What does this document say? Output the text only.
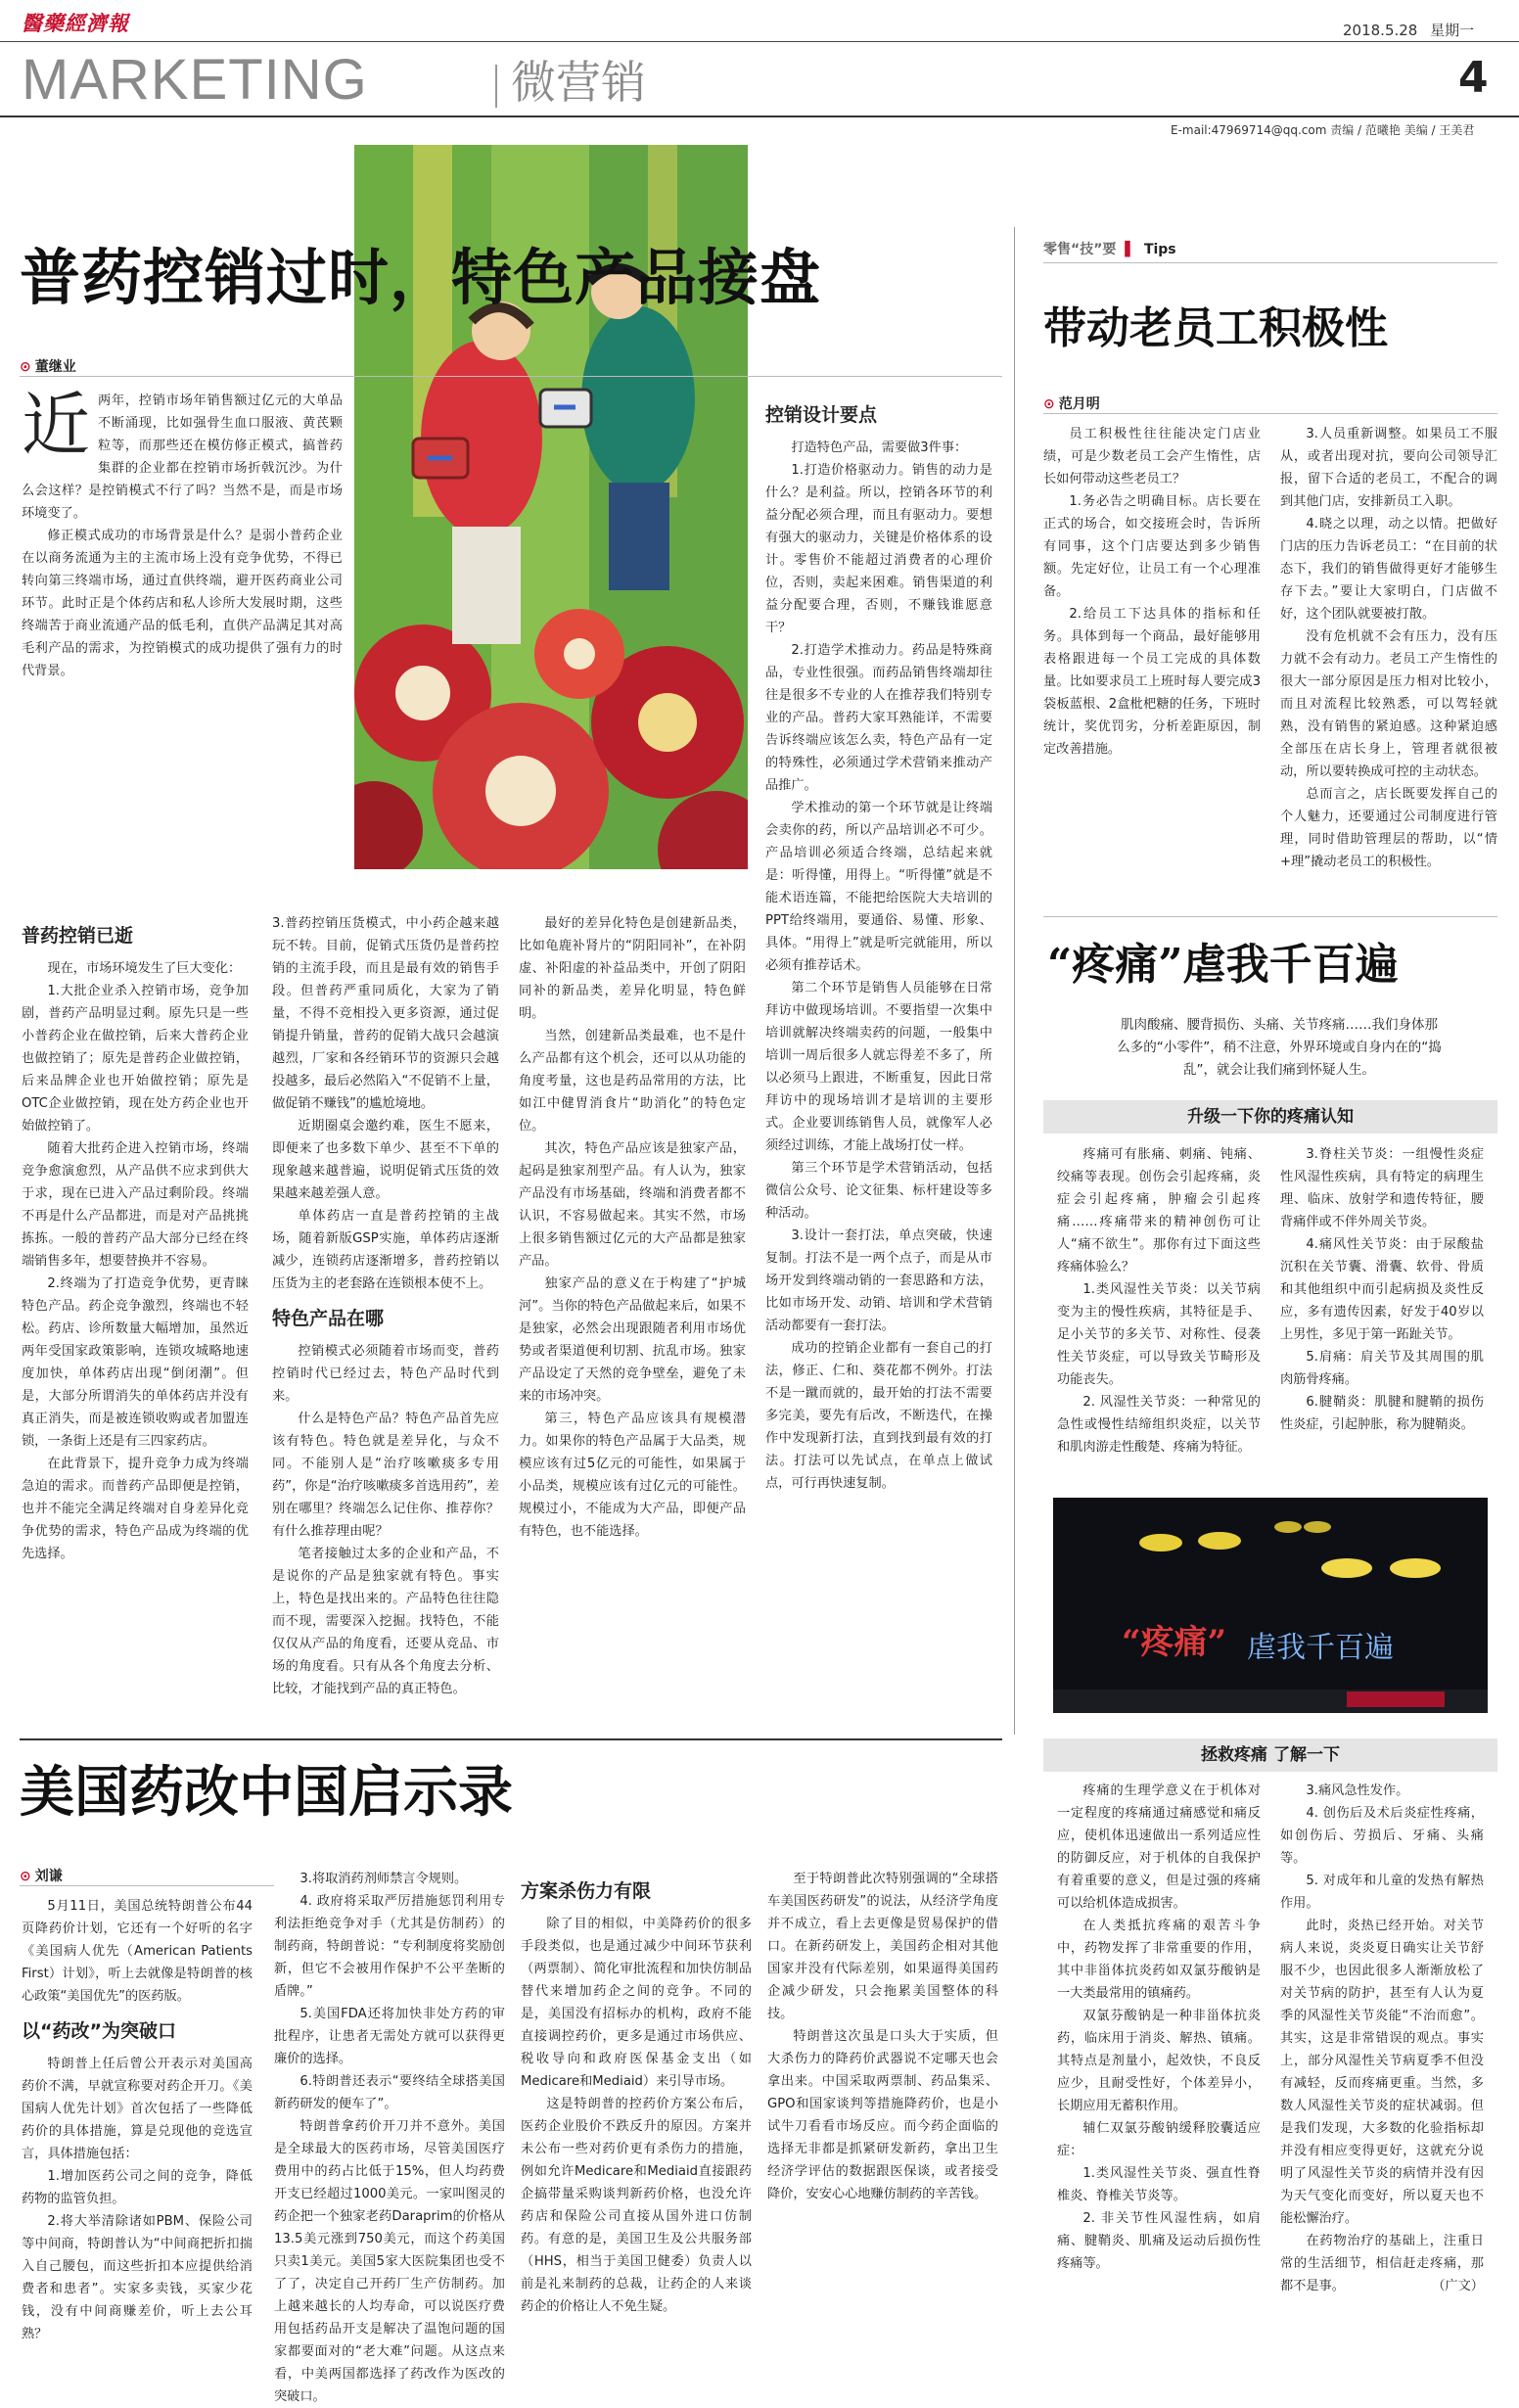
醫藥經濟報	2018.5.28 星期一
MARKETING	微营销	4
E-mail:47969714@qq.com 责编 / 范曦艳 美编 / 王美君
普药控销过时，特色产品接盘
⊙ 董继业

近 两年，控销市场年销售额过亿元的大单品不断涌现，比如强骨生血口服液、黄芪颗粒等，而那些还在模仿修正模式，搞普药集群的企业都在控销市场折戟沉沙。为什么会这样？是控销模式不行了吗？当然不是，而是市场环境变了。

修正模式成功的市场背景是什么？是弱小普药企业在以商务流通为主的主流市场上没有竞争优势，不得已转向第三终端市场，通过直供终端，避开医药商业公司环节。此时正是个体药店和私人诊所大发展时期，这些终端苦于商业流通产品的低毛利，直供产品满足其对高毛利产品的需求，为控销模式的成功提供了强有力的时代背景。

普药控销已逝

现在，市场环境发生了巨大变化：

1.大批企业杀入控销市场，竞争加剧，普药产品明显过剩。原先只是一些小普药企业在做控销，后来大普药企业也做控销了；原先是普药企业做控销，后来品牌企业也开始做控销；原先是OTC企业做控销，现在处方药企业也开始做控销了。

随着大批药企进入控销市场，终端竞争愈演愈烈，从产品供不应求到供大于求，现在已进入产品过剩阶段。终端不再是什么产品都进，而是对产品挑挑拣拣。一般的普药产品大部分已经在终端销售多年，想要替换并不容易。

2.终端为了打造竞争优势，更青睐特色产品。药企竞争激烈，终端也不轻松。药店、诊所数量大幅增加，虽然近两年受国家政策影响，连锁攻城略地速度加快，单体药店出现“倒闭潮”。但是，大部分所谓消失的单体药店并没有真正消失，而是被连锁收购或者加盟连锁，一条街上还是有三四家药店。

在此背景下，提升竞争力成为终端急迫的需求。而普药产品即便是控销，也并不能完全满足终端对自身差异化竞争优势的需求，特色产品成为终端的优先选择。

3.普药控销压货模式，中小药企越来越玩不转。目前，促销式压货仍是普药控销的主流手段，而且是最有效的销售手段。但普药严重同质化，大家为了销量，不得不竞相投入更多资源，通过促销提升销量，普药的促销大战只会越演越烈，厂家和各经销环节的资源只会越投越多，最后必然陷入“不促销不上量，做促销不赚钱”的尴尬境地。

近期圈桌会邀约难，医生不愿来，即便来了也多数下单少、甚至不下单的现象越来越普遍，说明促销式压货的效果越来越差强人意。

单体药店一直是普药控销的主战场，随着新版GSP实施，单体药店逐渐减少，连锁药店逐渐增多，普药控销以压货为主的老套路在连锁根本使不上。

特色产品在哪

控销模式必须随着市场而变，普药控销时代已经过去，特色产品时代到来。

什么是特色产品？特色产品首先应该有特色。特色就是差异化，与众不同。不能别人是“治疗咳嗽痰多专用药”，你是“治疗咳嗽痰多首选用药”，差别在哪里？终端怎么记住你、推荐你？有什么推荐理由呢？

笔者接触过太多的企业和产品，不是说你的产品是独家就有特色。事实上，特色是找出来的。产品特色往往隐而不现，需要深入挖掘。找特色，不能仅仅从产品的角度看，还要从竞品、市场的角度看。只有从各个角度去分析、比较，才能找到产品的真正特色。

最好的差异化特色是创建新品类，比如龟鹿补肾片的“阴阳同补”，在补阴虚、补阳虚的补益品类中，开创了阴阳同补的新品类，差异化明显，特色鲜明。

当然，创建新品类最难，也不是什么产品都有这个机会，还可以从功能的角度考量，这也是药品常用的方法，比如江中健胃消食片“助消化”的特色定位。

其次，特色产品应该是独家产品，起码是独家剂型产品。有人认为，独家产品没有市场基础，终端和消费者都不认识，不容易做起来。其实不然，市场上很多销售额过亿元的大产品都是独家产品。

独家产品的意义在于构建了“护城河”。当你的特色产品做起来后，如果不是独家，必然会出现跟随者利用市场优势或者渠道便利切割、抗乱市场。独家产品设定了天然的竞争壁垒，避免了未来的市场冲突。

第三，特色产品应该具有规模潜力。如果你的特色产品属于大品类，规模应该有过5亿元的可能性，如果属于小品类，规模应该有过亿元的可能性。规模过小，不能成为大产品，即便产品有特色，也不能选择。

控销设计要点

打造特色产品，需要做3件事：

1.打造价格驱动力。销售的动力是什么？是利益。所以，控销各环节的利益分配必须合理，而且有驱动力。要想有强大的驱动力，关键是价格体系的设计。零售价不能超过消费者的心理价位，否则，卖起来困难。销售渠道的利益分配要合理，否则，不赚钱谁愿意干？

2.打造学术推动力。药品是特殊商品，专业性很强。而药品销售终端却往往是很多不专业的人在推荐我们特别专业的产品。普药大家耳熟能详，不需要告诉终端应该怎么卖，特色产品有一定的特殊性，必须通过学术营销来推动产品推广。

学术推动的第一个环节就是让终端会卖你的药，所以产品培训必不可少。产品培训必须适合终端，总结起来就是：听得懂，用得上。“听得懂”就是不能术语连篇，不能把给医院大夫培训的PPT给终端用，要通俗、易懂、形象、具体。“用得上”就是听完就能用，所以必须有推荐话术。

第二个环节是销售人员能够在日常拜访中做现场培训。不要指望一次集中培训就解决终端卖药的问题，一般集中培训一周后很多人就忘得差不多了，所以必须马上跟进，不断重复，因此日常拜访中的现场培训才是培训的主要形式。企业要训练销售人员，就像军人必须经过训练，才能上战场打仗一样。

第三个环节是学术营销活动，包括微信公众号、论文征集、标杆建设等多种活动。

3.设计一套打法，单点突破，快速复制。打法不是一两个点子，而是从市场开发到终端动销的一套思路和方法，比如市场开发、动销、培训和学术营销活动都要有一套打法。

成功的控销企业都有一套自己的打法，修正、仁和、葵花都不例外。打法不是一蹴而就的，最开始的打法不需要多完美，要先有后改，不断迭代，在操作中发现新打法，直到找到最有效的打法。打法可以先试点，在单点上做试点，可行再快速复制。

零售“技”要 ▌ Tips
带动老员工积极性
⊙ 范月明

员工积极性往往能决定门店业绩，可是少数老员工会产生惰性，店长如何带动这些老员工？

1.务必告之明确目标。店长要在正式的场合，如交接班会时，告诉所有同事，这个门店要达到多少销售额。先定好位，让员工有一个心理准备。

2.给员工下达具体的指标和任务。具体到每一个商品，最好能够用表格跟进每一个员工完成的具体数量。比如要求员工上班时每人要完成3袋板蓝根、2盒枇杷糖的任务，下班时统计，奖优罚劣，分析差距原因，制定改善措施。

3.人员重新调整。如果员工不服从，或者出现对抗，要向公司领导汇报，留下合适的老员工，不配合的调到其他门店，安排新员工入职。

4.晓之以理，动之以情。把做好门店的压力告诉老员工：“在目前的状态下，我们的销售做得更好才能够生存下去。”要让大家明白，门店做不好，这个团队就要被打散。

没有危机就不会有压力，没有压力就不会有动力。老员工产生惰性的很大一部分原因是压力相对比较小，而且对流程比较熟悉，可以驾轻就熟，没有销售的紧迫感。这种紧迫感全部压在店长身上，管理者就很被动，所以要转换成可控的主动状态。

总而言之，店长既要发挥自己的个人魅力，还要通过公司制度进行管理，同时借助管理层的帮助，以“情+理”撬动老员工的积极性。

“疼痛”虐我千百遍
肌肉酸痛、腰背损伤、头痛、关节疼痛……我们身体那么多的“小零件”，稍不注意，外界环境或自身内在的“捣乱”，就会让我们痛到怀疑人生。
升级一下你的疼痛认知

疼痛可有胀痛、刺痛、钝痛、绞痛等表现。创伤会引起疼痛，炎症会引起疼痛，肿瘤会引起疼痛……疼痛带来的精神创伤可让人“痛不欲生”。那你有过下面这些疼痛体验么？

1.类风湿性关节炎：以关节病变为主的慢性疾病，其特征是手、足小关节的多关节、对称性、侵袭性关节炎症，可以导致关节畸形及功能丧失。

2. 风湿性关节炎：一种常见的急性或慢性结缔组织炎症，以关节和肌肉游走性酸楚、疼痛为特征。

3.脊柱关节炎：一组慢性炎症性风湿性疾病，具有特定的病理生理、临床、放射学和遗传特征，腰背痛伴或不伴外周关节炎。

4.痛风性关节炎：由于尿酸盐沉积在关节囊、滑囊、软骨、骨质和其他组织中而引起病损及炎性反应，多有遗传因素，好发于40岁以上男性，多见于第一跖趾关节。

5.肩痛：肩关节及其周围的肌肉筋骨疼痛。

6.腱鞘炎：肌腱和腱鞘的损伤性炎症，引起肿胀，称为腱鞘炎。

“疼痛” 虐我千百遍
拯救疼痛 了解一下

疼痛的生理学意义在于机体对一定程度的疼痛通过痛感觉和痛反应，使机体迅速做出一系列适应性的防御反应，对于机体的自我保护有着重要的意义，但是过强的疼痛可以给机体造成损害。

在人类抵抗疼痛的艰苦斗争中，药物发挥了非常重要的作用，其中非甾体抗炎药如双氯芬酸钠是一大类最常用的镇痛药。

双氯芬酸钠是一种非甾体抗炎药，临床用于消炎、解热、镇痛。其特点是剂量小，起效快，不良反应少，且耐受性好，个体差异小，长期应用无蓄积作用。

辅仁双氯芬酸钠缓释胶囊适应症：

1.类风湿性关节炎、强直性脊椎炎、脊椎关节炎等。

2. 非关节性风湿性病，如肩痛、腱鞘炎、肌痛及运动后损伤性疼痛等。

3.痛风急性发作。

4. 创伤后及术后炎症性疼痛，如创伤后、劳损后、牙痛、头痛等。

5. 对成年和儿童的发热有解热作用。

此时，炎热已经开始。对关节病人来说，炎炎夏日确实让关节舒服不少，也因此很多人渐渐放松了对关节病的防护，甚至有人认为夏季的风湿性关节炎能“不治而愈”。其实，这是非常错误的观点。事实上，部分风湿性关节病夏季不但没有减轻，反而疼痛更重。当然，多数人风湿性关节炎的症状减弱。但是我们发现，大多数的化验指标却并没有相应变得更好，这就充分说明了风湿性关节炎的病情并没有因为天气变化而变好，所以夏天也不能松懈治疗。

在药物治疗的基础上，注重日常的生活细节，相信赶走疼痛，那都不是事。	（广文）

美国药改中国启示录
⊙ 刘谦

5月11日，美国总统特朗普公布44页降药价计划，它还有一个好听的名字《美国病人优先（American Patients First）计划》，听上去就像是特朗普的核心政策“美国优先”的医药版。

以“药改”为突破口

特朗普上任后曾公开表示对美国高药价不满，早就宣称要对药企开刀。《美国病人优先计划》首次包括了一些降低药价的具体措施，算是兑现他的竞选宣言，具体措施包括：

1.增加医药公司之间的竞争，降低药物的监管负担。

2.将大举清除诸如PBM、保险公司等中间商，特朗普认为“中间商把折扣揣入自己腰包，而这些折扣本应提供给消费者和患者”。实家多卖钱，买家少花钱，没有中间商赚差价，听上去公耳熟？

3.将取消药剂师禁言令规则。

4. 政府将采取严厉措施惩罚利用专利法拒绝竞争对手（尤其是仿制药）的制药商，特朗普说：“专利制度将奖励创新，但它不会被用作保护不公平垄断的盾牌。”

5.美国FDA还将加快非处方药的审批程序，让患者无需处方就可以获得更廉价的选择。

6.特朗普还表示“要终结全球搭美国新药研发的便车了”。

特朗普拿药价开刀并不意外。美国是全球最大的医药市场，尽管美国医疗费用中的药占比低于15%，但人均药费开支已经超过1000美元。一家叫图灵的药企把一个独家老药Daraprim的价格从13.5美元涨到750美元，而这个药美国只卖1美元。美国5家大医院集团也受不了了，决定自己开药厂生产仿制药。加上越来越长的人均寿命，可以说医疗费用包括药品开支是解决了温饱问题的国家都要面对的“老大难”问题。从这点来看，中美两国都选择了药改作为医改的突破口。

方案杀伤力有限

除了目的相似，中美降药价的很多手段类似，也是通过减少中间环节获利（两票制）、简化审批流程和加快仿制品替代来增加药企之间的竞争。不同的是，美国没有招标办的机构，政府不能直接调控药价，更多是通过市场供应、税收导向和政府医保基金支出（如Medicare和Mediaid）来引导市场。

这是特朗普的控药价方案公布后，医药企业股价不跌反升的原因。方案并未公布一些对药价更有杀伤力的措施，例如允许Medicare和Mediaid直接跟药企搞带量采购谈判新药价格，也没允许药店和保险公司直接从国外进口仿制药。有意的是，美国卫生及公共服务部（HHS，相当于美国卫健委）负责人以前是礼来制药的总裁，让药企的人来谈药企的价格让人不免生疑。

至于特朗普此次特别强调的“全球搭车美国医药研发”的说法，从经济学角度并不成立，看上去更像是贸易保护的借口。在新药研发上，美国药企相对其他国家并没有代际差别，如果逼得美国药企减少研发，只会拖累美国整体的科技。

特朗普这次虽是口头大于实质，但大杀伤力的降药价武器说不定哪天也会拿出来。中国采取两票制、药品集采、GPO和国家谈判等措施降药价，也是小试牛刀看看市场反应。而今药企面临的选择无非都是抓紧研发新药，拿出卫生经济学评估的数据跟医保谈，或者接受降价，安安心心地赚仿制药的辛苦钱。
